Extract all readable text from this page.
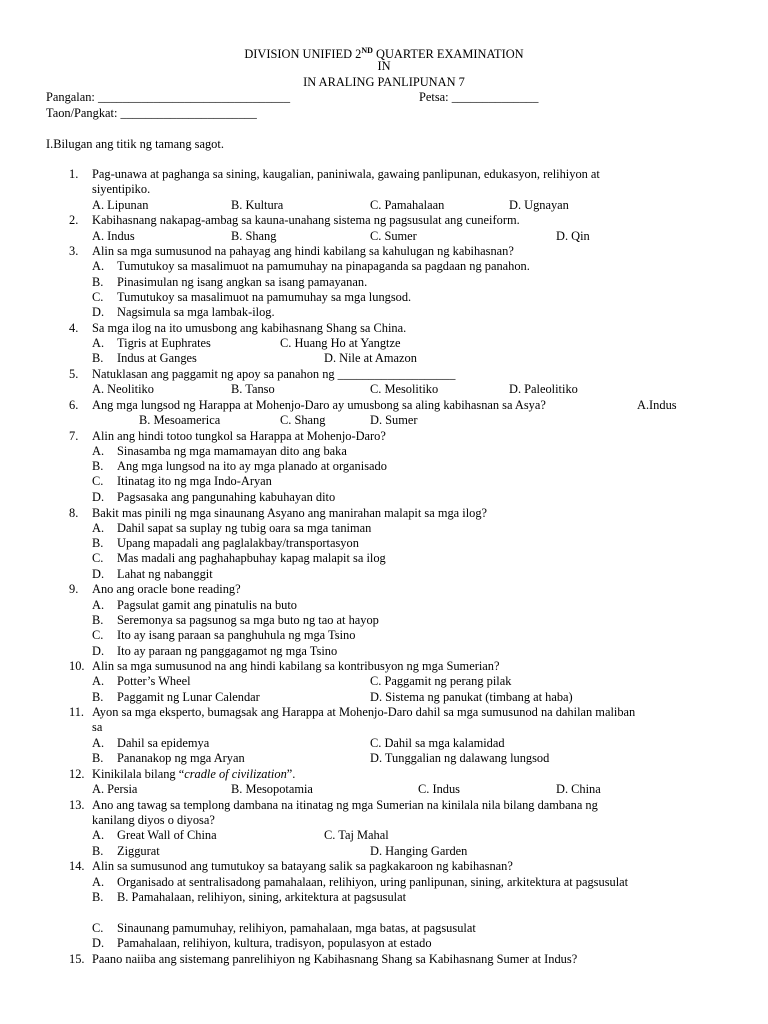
DIVISION UNIFIED 2ND QUARTER EXAMINATION
IN
IN ARALING PANLIPUNAN 7
Pangalan: _______________________________	Petsa: ______________
Taon/Pangkat: ______________________
I.Bilugan ang titik ng tamang sagot.
1. Pag-unawa at paghanga sa sining, kaugalian, paniniwala, gawaing panlipunan, edukasyon, relihiyon at
siyentipiko.
A. Lipunan	B. Kultura	C. Pamahalaan	D. Ugnayan
2. Kabihasnang nakapag-ambag sa kauna-unahang sistema ng pagsusulat ang cuneiform.
A. Indus	B. Shang	C. Sumer	D. Qin
3. Alin sa mga sumusunod na pahayag ang hindi kabilang sa kahulugan ng kabihasnan?
A. Tumutukoy sa masalimuot na pamumuhay na pinapaganda sa pagdaan ng panahon.
B. Pinasimulan ng isang angkan sa isang pamayanan.
C. Tumutukoy sa masalimuot na pamumuhay sa mga lungsod.
D. Nagsimula sa mga lambak-ilog.
4. Sa mga ilog na ito umusbong ang kabihasnang Shang sa China.
A. Tigris at Euphrates	C. Huang Ho at Yangtze
B. Indus at Ganges	D. Nile at Amazon
5. Natuklasan ang paggamit ng apoy sa panahon ng ___________________
A. Neolitiko	B. Tanso	C. Mesolitiko	D. Paleolitiko
6. Ang mga lungsod ng Harappa at Mohenjo-Daro ay umusbong sa aling kabihasnan sa Asya?	A.Indus
B. Mesoamerica	C. Shang	D. Sumer
7. Alin ang hindi totoo tungkol sa Harappa at Mohenjo-Daro?
A. Sinasamba ng mga mamamayan dito ang baka
B. Ang mga lungsod na ito ay mga planado at organisado
C. Itinatag ito ng mga Indo-Aryan
D. Pagsasaka ang pangunahing kabuhayan dito
8. Bakit mas pinili ng mga sinaunang Asyano ang manirahan malapit sa mga ilog?
A. Dahil sapat sa suplay ng tubig oara sa mga taniman
B. Upang mapadali ang paglalakbay/transportasyon
C. Mas madali ang paghahapbuhay kapag malapit sa ilog
D. Lahat ng nabanggit
9. Ano ang oracle bone reading?
A. Pagsulat gamit ang pinatulis na buto
B. Seremonya sa pagsunog sa mga buto ng tao at hayop
C. Ito ay isang paraan sa panghuhula ng mga Tsino
D. Ito ay paraan ng panggagamot ng mga Tsino
10. Alin sa mga sumusunod na ang hindi kabilang sa kontribusyon ng mga Sumerian?
A. Potter’s Wheel	C. Paggamit ng perang pilak
B. Paggamit ng Lunar Calendar	D. Sistema ng panukat (timbang at haba)
11. Ayon sa mga eksperto, bumagsak ang Harappa at Mohenjo-Daro dahil sa mga sumusunod na dahilan maliban
sa
A. Dahil sa epidemya	C. Dahil sa mga kalamidad
B. Pananakop ng mga Aryan	D. Tunggalian ng dalawang lungsod
12. Kinikilala bilang “cradle of civilization”.
A. Persia	B. Mesopotamia	C. Indus	D. China
13. Ano ang tawag sa templong dambana na itinatag ng mga Sumerian na kinilala nila bilang dambana ng
kanilang diyos o diyosa?
A. Great Wall of China	C. Taj Mahal
B. Ziggurat	D. Hanging Garden
14. Alin sa sumusunod ang tumutukoy sa batayang salik sa pagkakaroon ng kabihasnan?
A. Organisado at sentralisadong pamahalaan, relihiyon, uring panlipunan, sining, arkitektura at pagsusulat
B. B. Pamahalaan, relihiyon, sining, arkitektura at pagsusulat
C. Sinaunang pamumuhay, relihiyon, pamahalaan, mga batas, at pagsusulat
D. Pamahalaan, relihiyon, kultura, tradisyon, populasyon at estado
15. Paano naiiba ang sistemang panrelihiyon ng Kabihasnang Shang sa Kabihasnang Sumer at Indus?
